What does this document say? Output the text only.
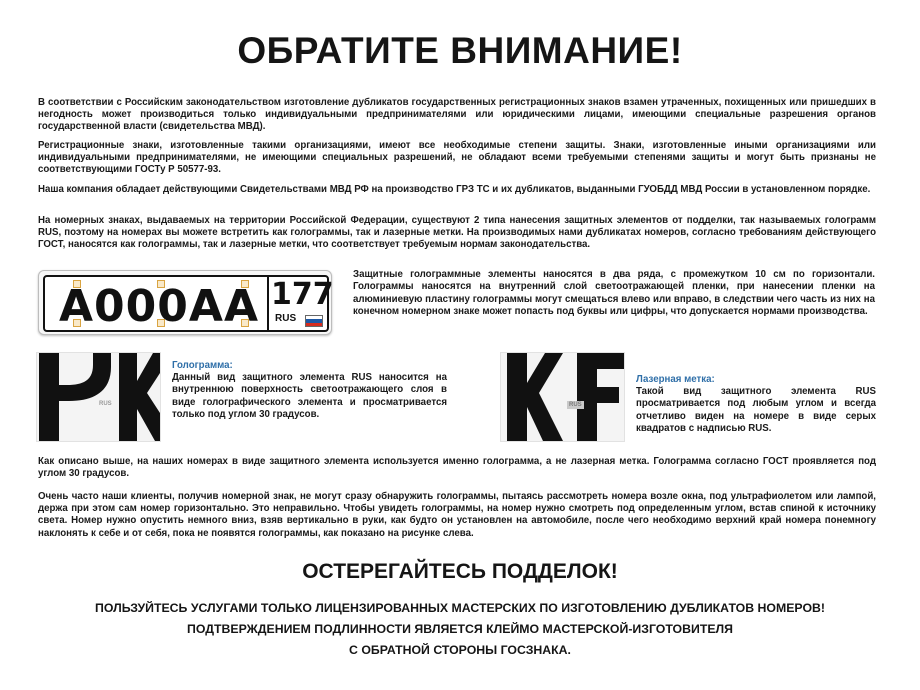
ОБРАТИТЕ ВНИМАНИЕ!

В соответствии с Российским законодательством изготовление дубликатов государственных регистрационных знаков взамен утраченных, похищенных или пришедших в негодность может производиться только индивидуальными предпринимателями или юридическими лицами, имеющими специальные разрешения органов государственной власти (свидетельства МВД).

Регистрационные знаки, изготовленные такими организациями, имеют все необходимые степени защиты. Знаки, изготовленные иными организациями или индивидуальными предпринимателями, не имеющими специальных разрешений, не обладают всеми требуемыми степенями защиты и могут быть признаны не соответствующими ГОСТу Р 50577-93.

Наша компания обладает действующими Свидетельствами МВД РФ на производство ГРЗ ТС и их дубликатов, выданными ГУОБДД МВД России в установленном порядке.

На номерных знаках, выдаваемых на территории Российской Федерации, существуют 2 типа нанесения защитных элементов от подделки, так называемых голограмм RUS, поэтому на номерах вы можете встретить как голограммы, так и лазерные метки. На производимых нами дубликатах номеров, согласно требованиям действующего ГОСТ, наносятся как голограммы, так и лазерные метки, что соответствует требуемым нормам законодательства.

А000АА 177
RUS

Защитные голограммные элементы наносятся в два ряда, с промежутком 10 см по горизонтали. Голограммы наносятся на внутренний слой светоотражающей пленки, при нанесении пленки на алюминиевую пластину голограммы могут смещаться влево или вправо, в следствии чего часть из них на конечном номерном знаке может попасть под буквы или цифры, что допускается нормами производства.

RUS
Голограмма:

Данный вид защитного элемента RUS наносится на внутреннюю поверхность светоотражающего слоя в виде голографического элемента и просматривается только под углом 30 градусов.

RUS
Лазерная метка:

Такой вид защитного элемента RUS просматривается под любым углом и всегда отчетливо виден на номере в виде серых квадратов с надписью RUS.

Как описано выше, на наших номерах в виде защитного элемента используется именно голограмма, а не лазерная метка. Голограмма согласно ГОСТ проявляется под углом 30 градусов.

Очень часто наши клиенты, получив номерной знак, не могут сразу обнаружить голограммы, пытаясь рассмотреть номера возле окна, под ультрафиолетом или лампой, держа при этом сам номер горизонтально. Это неправильно. Чтобы увидеть голограммы, на номер нужно смотреть под определенным углом, встав спиной к источнику света. Номер нужно опустить немного вниз, взяв вертикально в руки, как будто он установлен на автомобиле, после чего необходимо верхний край номера понемногу наклонять к себе и от себя, пока не появятся голограммы, как показано на рисунке слева.

ОСТЕРЕГАЙТЕСЬ ПОДДЕЛОК!
ПОЛЬЗУЙТЕСЬ УСЛУГАМИ ТОЛЬКО ЛИЦЕНЗИРОВАННЫХ МАСТЕРСКИХ ПО ИЗГОТОВЛЕНИЮ ДУБЛИКАТОВ НОМЕРОВ!
ПОДТВЕРЖДЕНИЕМ ПОДЛИННОСТИ ЯВЛЯЕТСЯ КЛЕЙМО МАСТЕРСКОЙ-ИЗГОТОВИТЕЛЯ
С ОБРАТНОЙ СТОРОНЫ ГОСЗНАКА.
